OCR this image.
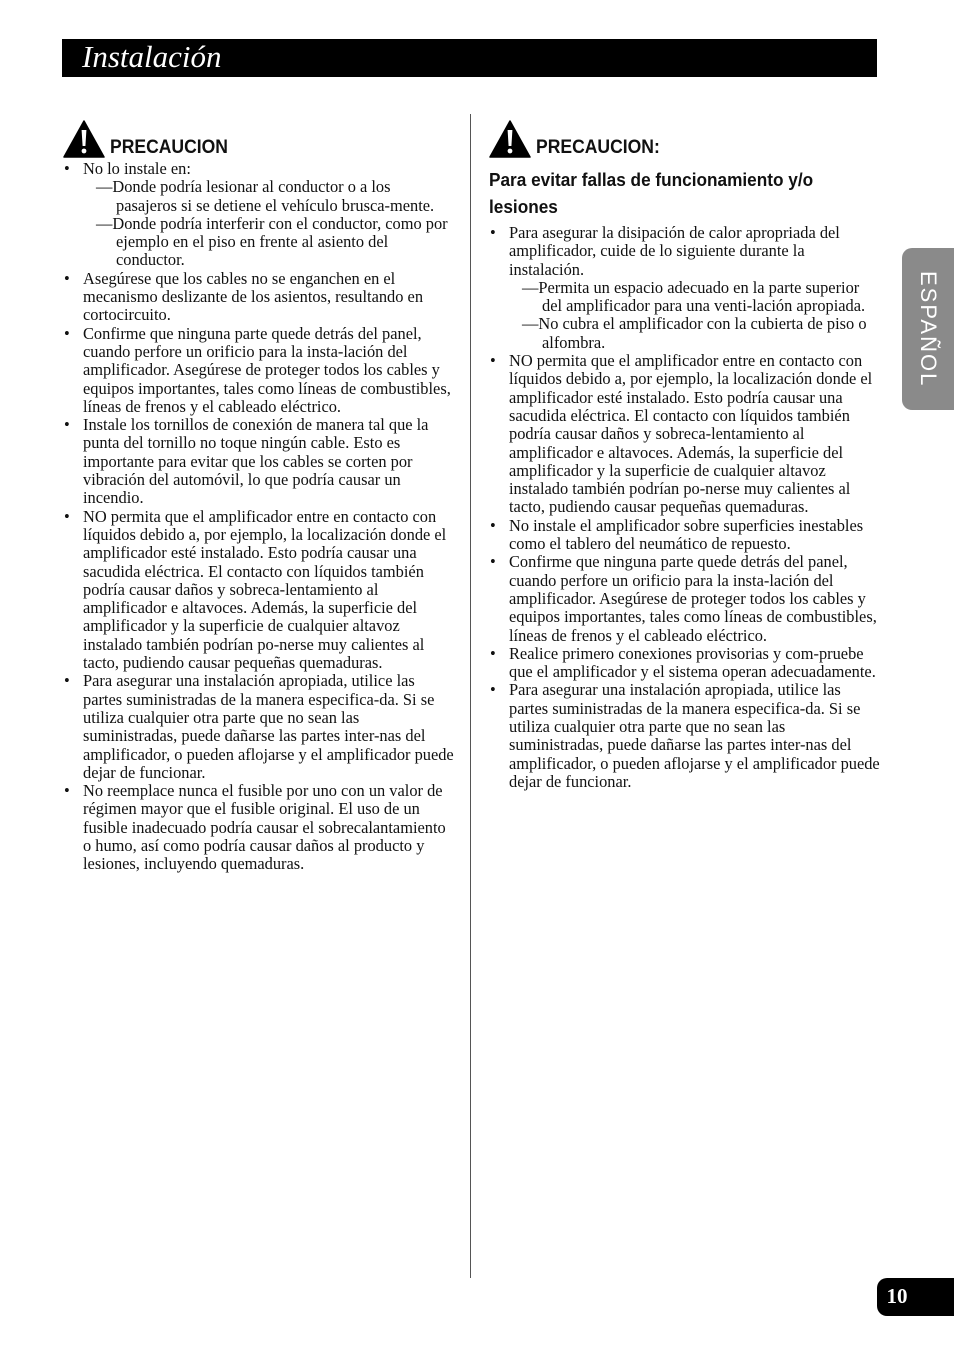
Instalación
ESPAÑOL
PRECAUCION
• No lo instale en:
—Donde podría lesionar al conductor o a los pasajeros si se detiene el vehículo brusca-mente.
—Donde podría interferir con el conductor, como por ejemplo en el piso en frente al asiento del conductor.
• Asegúrese que los cables no se enganchen en el mecanismo deslizante de los asientos, resultando en cortocircuito.
• Confirme que ninguna parte quede detrás del panel, cuando perfore un orificio para la insta-lación del amplificador. Asegúrese de proteger todos los cables y equipos importantes, tales como líneas de combustibles, líneas de frenos y el cableado eléctrico.
• Instale los tornillos de conexión de manera tal que la punta del tornillo no toque ningún cable. Esto es importante para evitar que los cables se corten por vibración del automóvil, lo que podría causar un incendio.
• NO permita que el amplificador entre en contacto con líquidos debido a, por ejemplo, la localización donde el amplificador esté instalado. Esto podría causar una sacudida eléctrica. El contacto con líquidos también podría causar daños y sobreca-lentamiento al amplificador e altavoces. Además, la superficie del amplificador y la superficie de cualquier altavoz instalado también podrían po-nerse muy calientes al tacto, pudiendo causar pequeñas quemaduras.
• Para asegurar una instalación apropiada, utilice las partes suministradas de la manera especifica-da. Si se utiliza cualquier otra parte que no sean las suministradas, puede dañarse las partes inter-nas del amplificador, o pueden aflojarse y el amplificador puede dejar de funcionar.
• No reemplace nunca el fusible por uno con un valor de régimen mayor que el fusible original. El uso de un fusible inadecuado podría causar el sobrecalantamiento o humo, así como podría causar daños al producto y lesiones, incluyendo quemaduras.
PRECAUCION:
Para evitar fallas de funcionamiento y/o lesiones
• Para asegurar la disipación de calor apropriada del amplificador, cuide de lo siguiente durante la instalación.
—Permita un espacio adecuado en la parte superior del amplificador para una venti-lación apropiada.
—No cubra el amplificador con la cubierta de piso o alfombra.
• NO permita que el amplificador entre en contacto con líquidos debido a, por ejemplo, la localización donde el amplificador esté instalado. Esto podría causar una sacudida eléctrica. El contacto con líquidos también podría causar daños y sobreca-lentamiento al amplificador e altavoces. Además, la superficie del amplificador y la superficie de cualquier altavoz instalado también podrían po-nerse muy calientes al tacto, pudiendo causar pequeñas quemaduras.
• No instale el amplificador sobre superficies inestables como el tablero del neumático de repuesto.
• Confirme que ninguna parte quede detrás del panel, cuando perfore un orificio para la insta-lación del amplificador. Asegúrese de proteger todos los cables y equipos importantes, tales como líneas de combustibles, líneas de frenos y el cableado eléctrico.
• Realice primero conexiones provisorias y com-pruebe que el amplificador y el sistema operan adecuadamente.
• Para asegurar una instalación apropiada, utilice las partes suministradas de la manera especifica-da. Si se utiliza cualquier otra parte que no sean las suministradas, puede dañarse las partes inter-nas del amplificador, o pueden aflojarse y el amplificador puede dejar de funcionar.
10
